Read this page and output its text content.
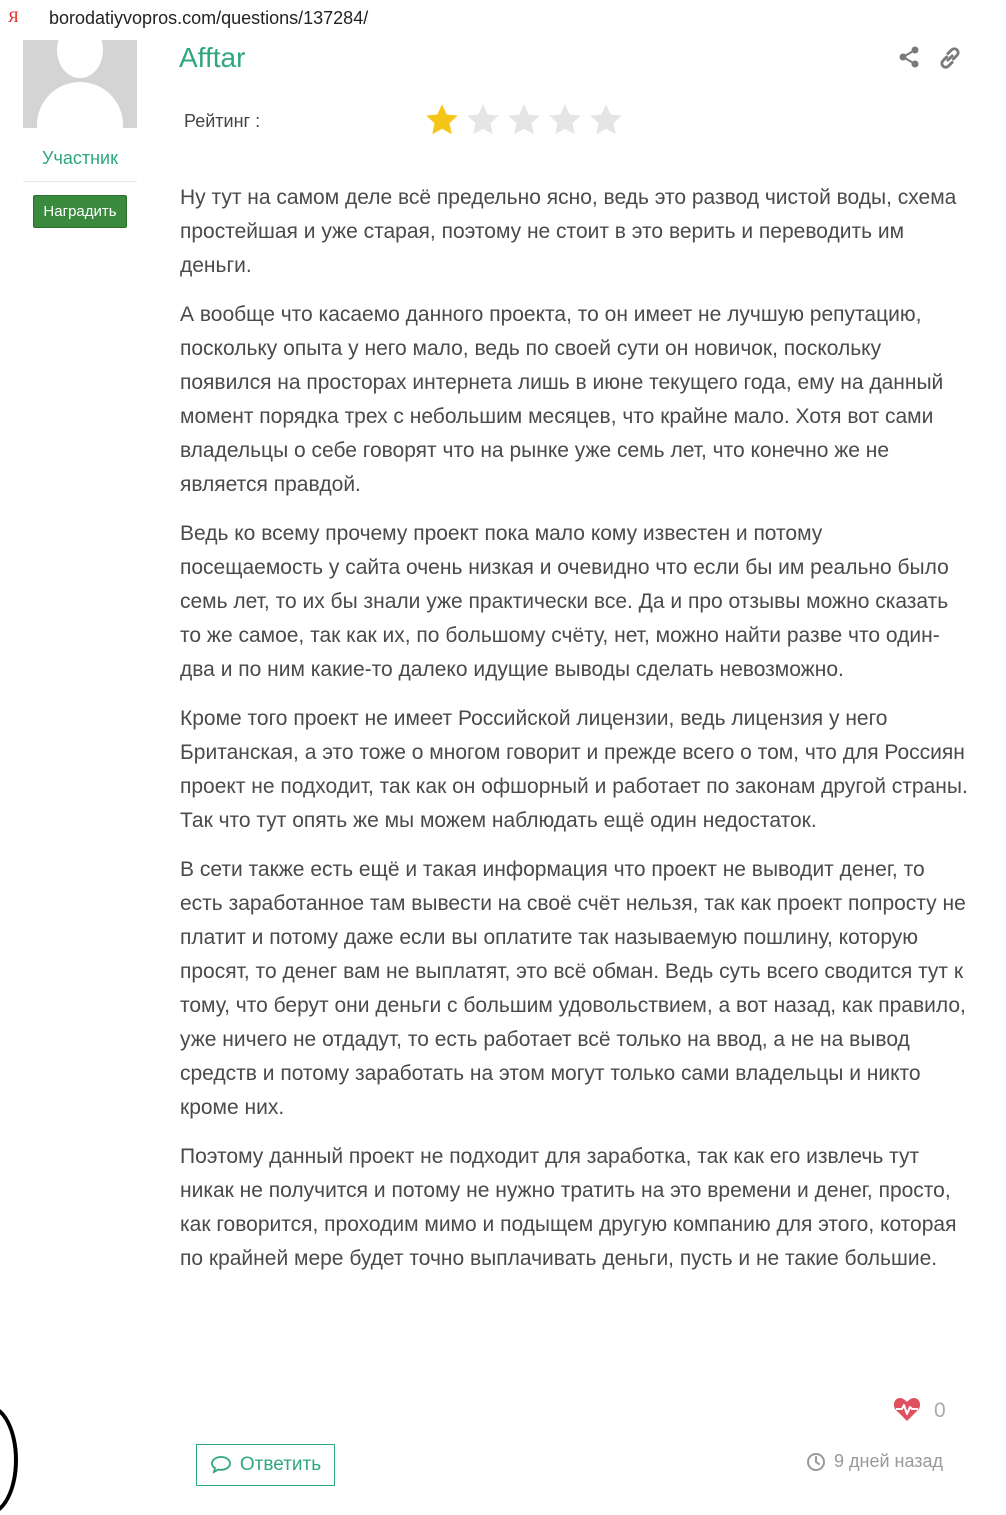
Я borodatiyvopros.com/questions/137284/
Участник
Наградить
Afftar
Рейтинг :

Ну тут на самом деле всё предельно ясно, ведь это развод чистой воды, схема простейшая и уже старая, поэтому не стоит в это верить и переводить им деньги.

А вообще что касаемо данного проекта, то он имеет не лучшую репутацию, поскольку опыта у него мало, ведь по своей сути он новичок, поскольку появился на просторах интернета лишь в июне текущего года, ему на данный момент порядка трех с небольшим месяцев, что крайне мало. Хотя вот сами владельцы о себе говорят что на рынке уже семь лет, что конечно же не является правдой.

Ведь ко всему прочему проект пока мало кому известен и потому посещаемость у сайта очень низкая и очевидно что если бы им реально было семь лет, то их бы знали уже практически все. Да и про отзывы можно сказать то же самое, так как их, по большому счёту, нет, можно найти разве что один-два и по ним какие-то далеко идущие выводы сделать невозможно.

Кроме того проект не имеет Российской лицензии, ведь лицензия у него Британская, а это тоже о многом говорит и прежде всего о том, что для Россиян проект не подходит, так как он офшорный и работает по законам другой страны. Так что тут опять же мы можем наблюдать ещё один недостаток.

В сети также есть ещё и такая информация что проект не выводит денег, то есть заработанное там вывести на своё счёт нельзя, так как проект попросту не платит и потому даже если вы оплатите так называемую пошлину, которую просят, то денег вам не выплатят, это всё обман. Ведь суть всего сводится тут к тому, что берут они деньги с большим удовольствием, а вот назад, как правило, уже ничего не отдадут, то есть работает всё только на ввод, а не на вывод средств и потому заработать на этом могут только сами владельцы и никто кроме них.

Поэтому данный проект не подходит для заработка, так как его извлечь тут никак не получится и потому не нужно тратить на это времени и денег, просто, как говорится, проходим мимо и подыщем другую компанию для этого, которая по крайней мере будет точно выплачивать деньги, пусть и не такие большие.

0
Ответить	9 дней назад
